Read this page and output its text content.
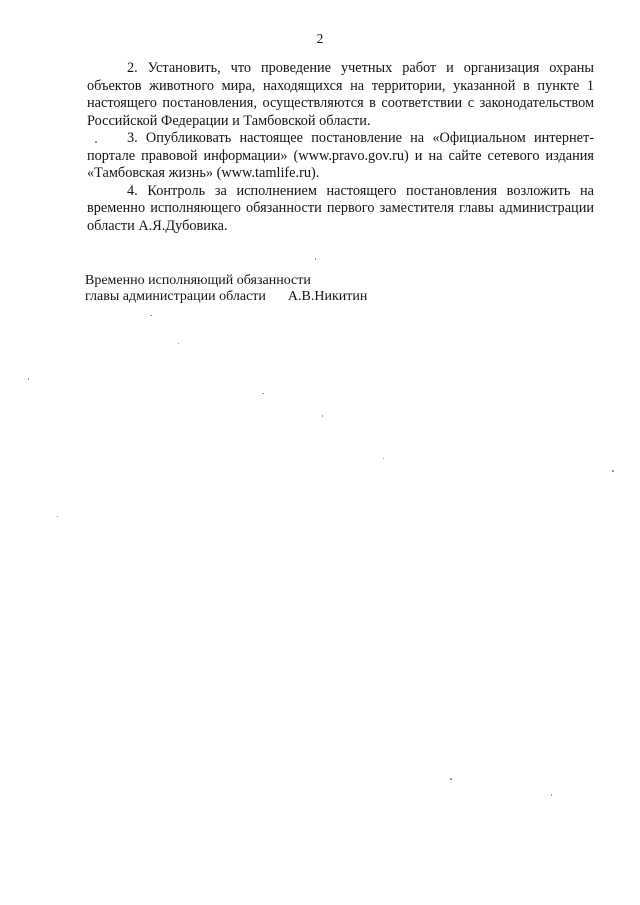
2

2. Установить, что проведение учетных работ и организация охраны объектов животного мира, находящихся на территории, указанной в пункте 1 настоящего постановления, осуществляются в соответствии с законодательством Российской Федерации и Тамбовской области.

3. Опубликовать настоящее постановление на «Официальном интернет-портале правовой информации» (www.pravo.gov.ru) и на сайте сетевого издания «Тамбовская жизнь» (www.tamlife.ru).

4. Контроль за исполнением настоящего постановления возложить на временно исполняющего обязанности первого заместителя главы администрации области А.Я.Дубовика.

Временно исполняющий обязанности
главы администрации области А.В.Никитин
